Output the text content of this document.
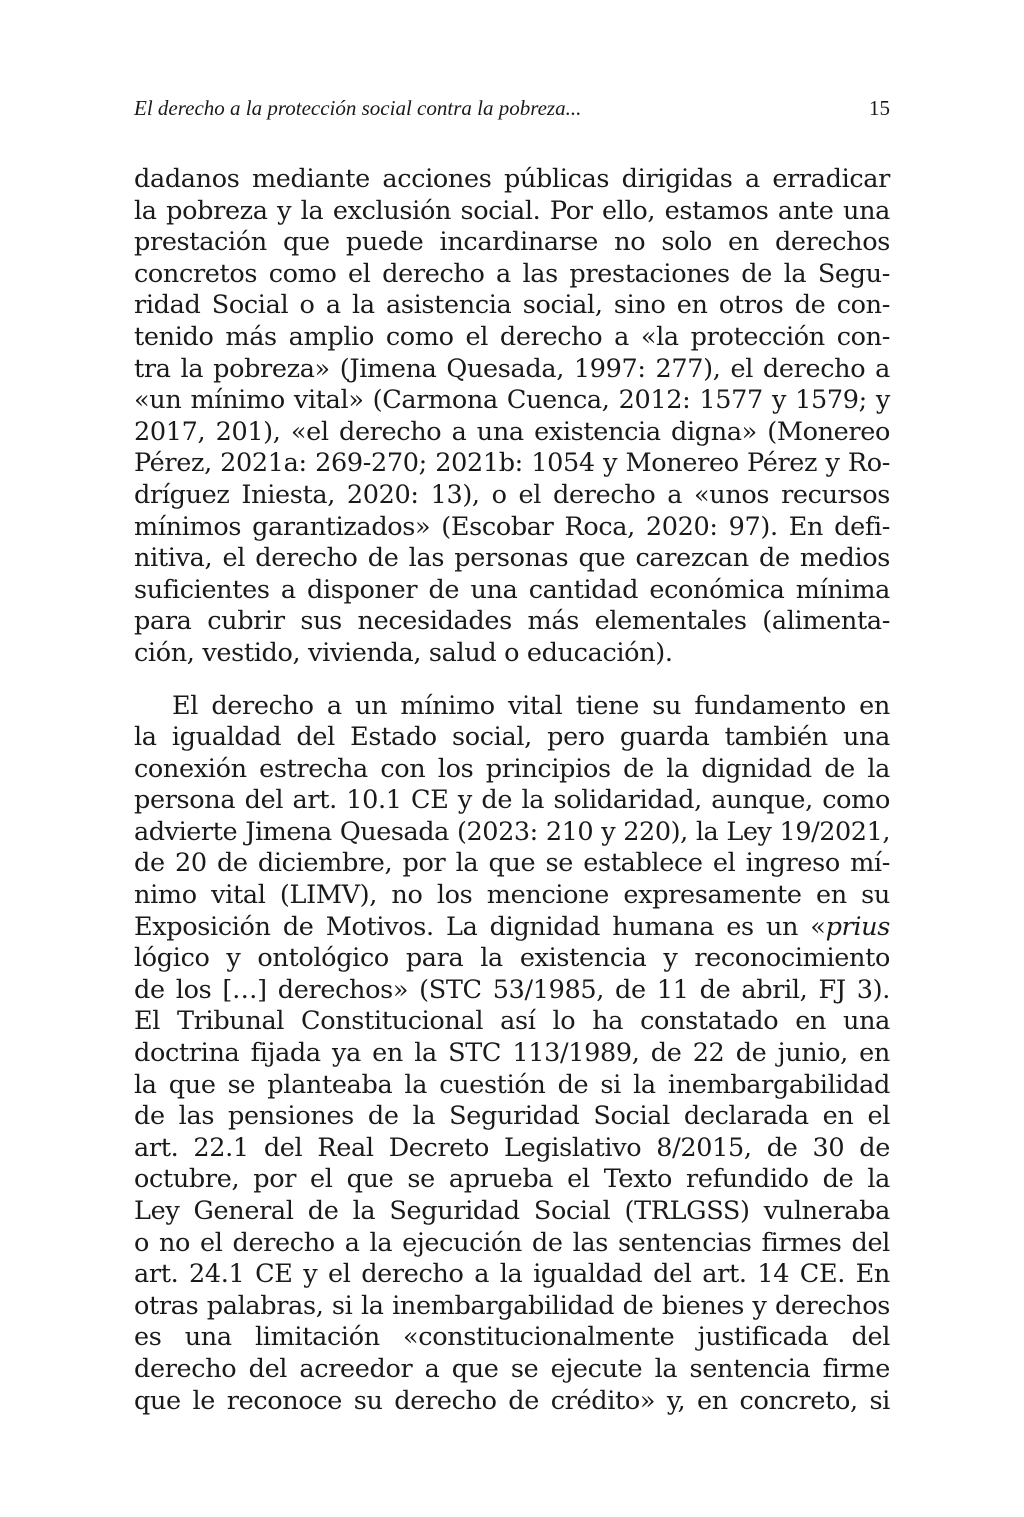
El derecho a la protección social contra la pobreza...	15
dadanos mediante acciones públicas dirigidas a erradicar
la pobreza y la exclusión social. Por ello, estamos ante una
prestación que puede incardinarse no solo en derechos
concretos como el derecho a las prestaciones de la Segu-
ridad Social o a la asistencia social, sino en otros de con-
tenido más amplio como el derecho a «la protección con-
tra la pobreza» (Jimena Quesada, 1997: 277), el derecho a
«un mínimo vital» (Carmona Cuenca, 2012: 1577 y 1579; y
2017, 201), «el derecho a una existencia digna» (Monereo
Pérez, 2021a: 269-270; 2021b: 1054 y Monereo Pérez y Ro-
dríguez Iniesta, 2020: 13), o el derecho a «unos recursos
mínimos garantizados» (Escobar Roca, 2020: 97). En defi-
nitiva, el derecho de las personas que carezcan de medios
suficientes a disponer de una cantidad económica mínima
para cubrir sus necesidades más elementales (alimenta-
ción, vestido, vivienda, salud o educación).
El derecho a un mínimo vital tiene su fundamento en
la igualdad del Estado social, pero guarda también una
conexión estrecha con los principios de la dignidad de la
persona del art. 10.1 CE y de la solidaridad, aunque, como
advierte Jimena Quesada (2023: 210 y 220), la Ley 19/2021,
de 20 de diciembre, por la que se establece el ingreso mí-
nimo vital (LIMV), no los mencione expresamente en su
Exposición de Motivos. La dignidad humana es un «prius
lógico y ontológico para la existencia y reconocimiento
de los […] derechos» (STC 53/1985, de 11 de abril, FJ 3).
El Tribunal Constitucional así lo ha constatado en una
doctrina fijada ya en la STC 113/1989, de 22 de junio, en
la que se planteaba la cuestión de si la inembargabilidad
de las pensiones de la Seguridad Social declarada en el
art. 22.1 del Real Decreto Legislativo 8/2015, de 30 de
octubre, por el que se aprueba el Texto refundido de la
Ley General de la Seguridad Social (TRLGSS) vulneraba
o no el derecho a la ejecución de las sentencias firmes del
art. 24.1 CE y el derecho a la igualdad del art. 14 CE. En
otras palabras, si la inembargabilidad de bienes y derechos
es una limitación «constitucionalmente justificada del
derecho del acreedor a que se ejecute la sentencia firme
que le reconoce su derecho de crédito» y, en concreto, si
